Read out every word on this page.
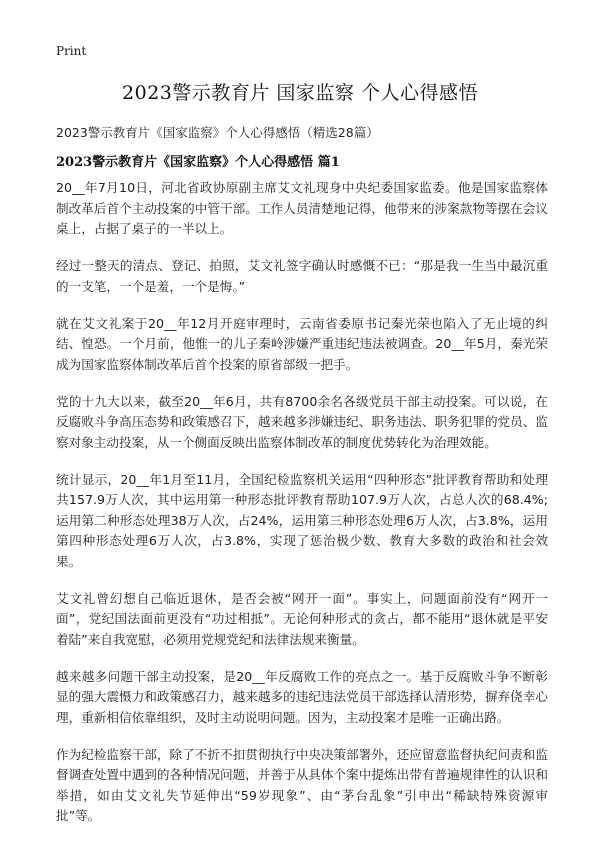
Print
2023警示教育片 国家监察 个人心得感悟

2023警示教育片《国家监察》个人心得感悟（精选28篇）

2023警示教育片《国家监察》个人心得感悟 篇1

20__年7月10日，河北省政协原副主席艾文礼现身中央纪委国家监委。他是国家监察体制改革后首个主动投案的中管干部。工作人员清楚地记得，他带来的涉案款物等摆在会议桌上，占据了桌子的一半以上。

经过一整天的清点、登记、拍照，艾文礼签字确认时感慨不已：“那是我一生当中最沉重的一支笔，一个是羞，一个是悔。”

就在艾文礼案于20__年12月开庭审理时，云南省委原书记秦光荣也陷入了无止境的纠结、惶恐。一个月前，他惟一的儿子秦岭涉嫌严重违纪违法被调查。20__年5月，秦光荣成为国家监察体制改革后首个投案的原省部级一把手。

党的十九大以来，截至20__年6月，共有8700余名各级党员干部主动投案。可以说，在反腐败斗争高压态势和政策感召下，越来越多涉嫌违纪、职务违法、职务犯罪的党员、监察对象主动投案，从一个侧面反映出监察体制改革的制度优势转化为治理效能。

统计显示，20__年1月至11月，全国纪检监察机关运用“四种形态”批评教育帮助和处理共157.9万人次，其中运用第一种形态批评教育帮助107.9万人次，占总人次的68.4%;运用第二种形态处理38万人次，占24%，运用第三种形态处理6万人次，占3.8%，运用第四种形态处理6万人次，占3.8%，实现了惩治极少数、教育大多数的政治和社会效果。

艾文礼曾幻想自己临近退休，是否会被“网开一面”。事实上，问题面前没有“网开一面”，党纪国法面前更没有“功过相抵”。无论何种形式的贪占，都不能用“退休就是平安着陆”来自我宽慰，必须用党规党纪和法律法规来衡量。

越来越多问题干部主动投案，是20__年反腐败工作的亮点之一。基于反腐败斗争不断彰显的强大震慑力和政策感召力，越来越多的违纪违法党员干部选择认清形势，摒弃侥幸心理，重新相信依靠组织，及时主动说明问题。因为，主动投案才是唯一正确出路。

作为纪检监察干部，除了不折不扣贯彻执行中央决策部署外，还应留意监督执纪问责和监督调查处置中遇到的各种情况问题，并善于从具体个案中提炼出带有普遍规律性的认识和举措，如由艾文礼失节延伸出“59岁现象”、由“茅台乱象”引申出“稀缺特殊资源审批”等。
